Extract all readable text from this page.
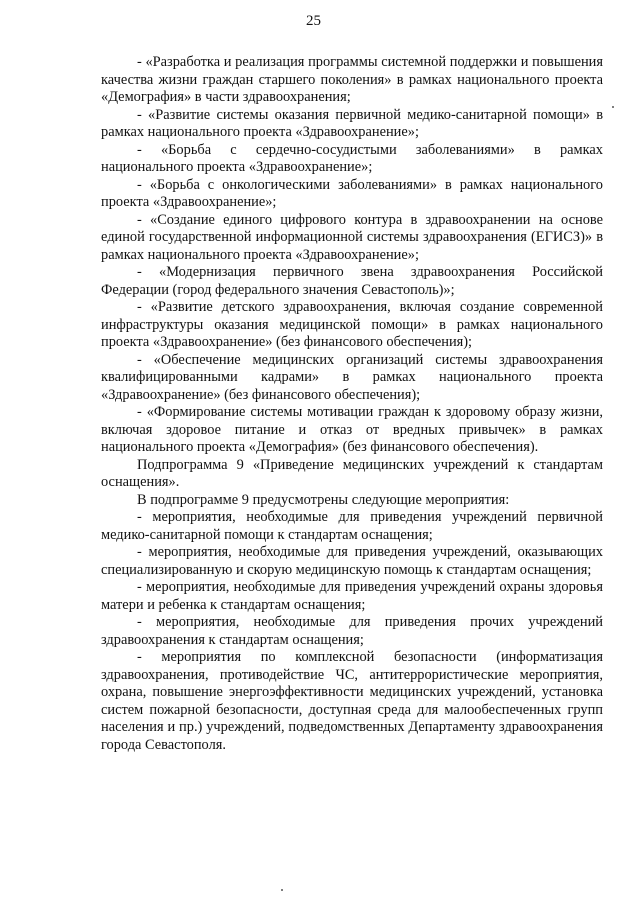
25

- «Разработка и реализация программы системной поддержки и повышения качества жизни граждан старшего поколения» в рамках национального проекта «Демография» в части здравоохранения;

- «Развитие системы оказания первичной медико-санитарной помощи» в рамках национального проекта «Здравоохранение»;

- «Борьба с сердечно-сосудистыми заболеваниями» в рамках национального проекта «Здравоохранение»;

- «Борьба с онкологическими заболеваниями» в рамках национального проекта «Здравоохранение»;

- «Создание единого цифрового контура в здравоохранении на основе единой государственной информационной системы здравоохранения (ЕГИСЗ)» в рамках национального проекта «Здравоохранение»;

- «Модернизация первичного звена здравоохранения Российской Федерации (город федерального значения Севастополь)»;

- «Развитие детского здравоохранения, включая создание современной инфраструктуры оказания медицинской помощи» в рамках национального проекта «Здравоохранение» (без финансового обеспечения);

- «Обеспечение медицинских организаций системы здравоохранения квалифицированными кадрами» в рамках национального проекта «Здравоохранение» (без финансового обеспечения);

- «Формирование системы мотивации граждан к здоровому образу жизни, включая здоровое питание и отказ от вредных привычек» в рамках национального проекта «Демография» (без финансового обеспечения).

Подпрограмма 9 «Приведение медицинских учреждений к стандартам оснащения».

В подпрограмме 9 предусмотрены следующие мероприятия:

- мероприятия, необходимые для приведения учреждений первичной медико-санитарной помощи к стандартам оснащения;

- мероприятия, необходимые для приведения учреждений, оказывающих специализированную и скорую медицинскую помощь к стандартам оснащения;

- мероприятия, необходимые для приведения учреждений охраны здоровья матери и ребенка к стандартам оснащения;

- мероприятия, необходимые для приведения прочих учреждений здравоохранения к стандартам оснащения;

- мероприятия по комплексной безопасности (информатизация здравоохранения, противодействие ЧС, антитеррористические мероприятия, охрана, повышение энергоэффективности медицинских учреждений, установка систем пожарной безопасности, доступная среда для малообеспеченных групп населения и пр.) учреждений, подведомственных Департаменту здравоохранения города Севастополя.
